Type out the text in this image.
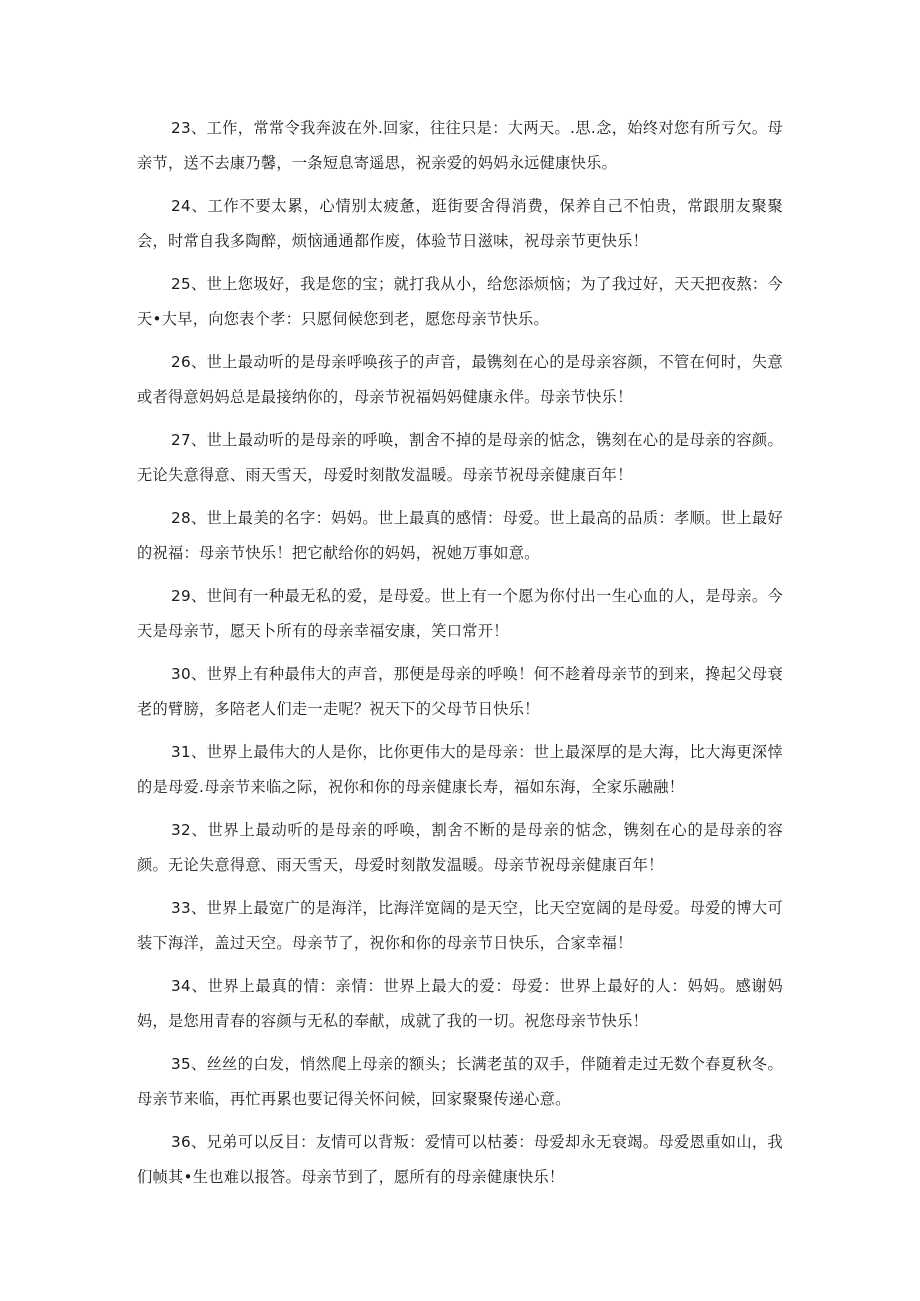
23、工作，常常令我奔波在外.回家，往往只是：大两天。.思.念，始终对您有所亏欠。母亲节，送不去康乃馨，一条短息寄遥思，祝亲爱的妈妈永远健康快乐。

24、工作不要太累，心情别太疲惫，逛街要舍得消费，保养自己不怕贵，常跟朋友聚聚会，时常自我多陶醉，烦恼通通都作废，体验节日滋味，祝母亲节更快乐！

25、世上您圾好，我是您的宝；就打我从小，给您添烦恼；为了我过好，天天把夜熬：今天•大早，向您表个孝：只愿伺候您到老，愿您母亲节快乐。

26、世上最动听的是母亲呼唤孩子的声音，最镌刻在心的是母亲容颜，不管在何时，失意或者得意妈妈总是最接纳你的，母亲节祝福妈妈健康永伴。母亲节快乐！

27、世上最动听的是母亲的呼唤，割舍不掉的是母亲的惦念，镌刻在心的是母亲的容颜。无论失意得意、雨天雪天，母爱时刻散发温暖。母亲节祝母亲健康百年！

28、世上最美的名字：妈妈。世上最真的感情：母爱。世上最高的品质：孝顺。世上最好的祝福：母亲节快乐！把它献给你的妈妈，祝她万事如意。

29、世间有一种最无私的爱，是母爱。世上有一个愿为你付出一生心血的人，是母亲。今天是母亲节，愿天卜所有的母亲幸福安康，笑口常开！

30、世界上有种最伟大的声音，那便是母亲的呼唤！何不趁着母亲节的到来，搀起父母衰老的臂膀，多陪老人们走一走呢？祝天下的父母节日快乐！

31、世界上最伟大的人是你，比你更伟大的是母亲：世上最深厚的是大海，比大海更深悻的是母爱.母亲节来临之际，祝你和你的母亲健康长寿，福如东海，全家乐融融！

32、世界上最动听的是母亲的呼唤，割舍不断的是母亲的惦念，镌刻在心的是母亲的容颜。无论失意得意、雨天雪天，母爱时刻散发温暖。母亲节祝母亲健康百年！

33、世界上最宽广的是海洋，比海洋宽阔的是天空，比天空宽阔的是母爱。母爱的博大可装下海洋，盖过天空。母亲节了，祝你和你的母亲节日快乐，合家幸福！

34、世界上最真的情：亲情：世界上最大的爱：母爱：世界上最好的人：妈妈。感谢妈妈，是您用青春的容颜与无私的奉献，成就了我的一切。祝您母亲节快乐！

35、丝丝的白发，悄然爬上母亲的额头；长满老茧的双手，伴随着走过无数个春夏秋冬。母亲节来临，再忙再累也要记得关怀问候，回家聚聚传递心意。

36、兄弟可以反目：友情可以背叛：爱情可以枯萎：母爱却永无衰竭。母爱恩重如山，我们帧其•生也难以报答。母亲节到了，愿所有的母亲健康快乐！
